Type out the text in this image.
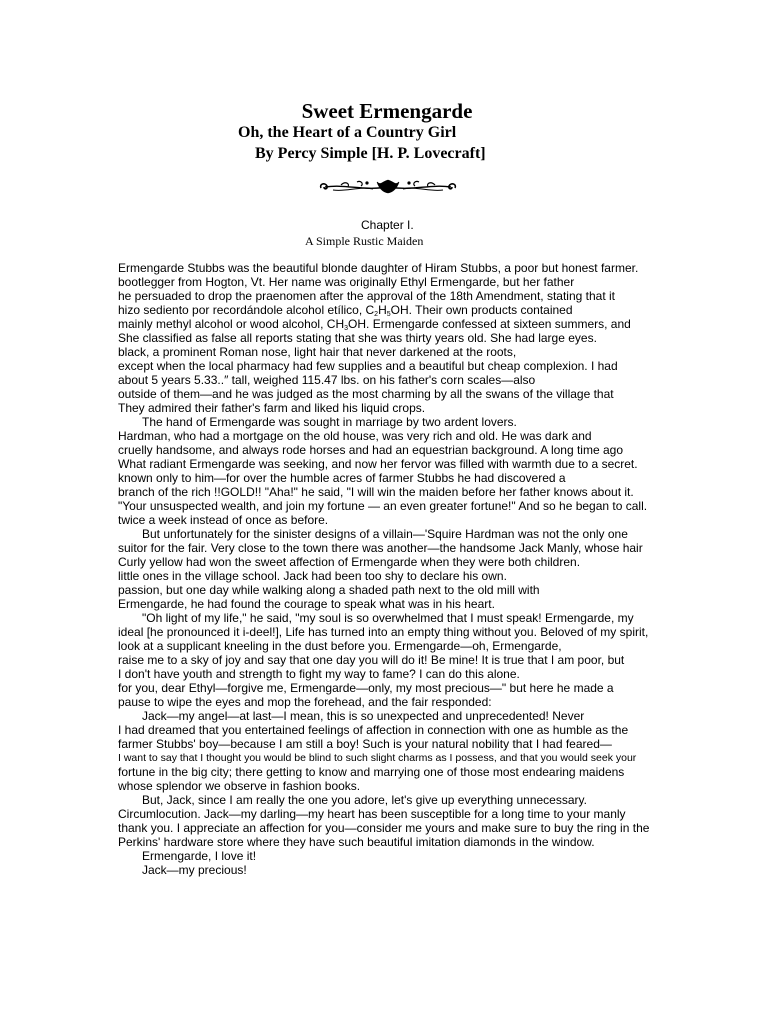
Sweet Ermengarde
Oh, the Heart of a Country Girl
By Percy Simple [H. P. Lovecraft]
Chapter I.
A Simple Rustic Maiden
Ermengarde Stubbs was the beautiful blonde daughter of Hiram Stubbs, a poor but honest farmer.
bootlegger from Hogton, Vt. Her name was originally Ethyl Ermengarde, but her father
he persuaded to drop the praenomen after the approval of the 18th Amendment, stating that it
hizo sediento por recordándole alcohol etílico, $C_2H_5OH$. Their own products contained
mainly methyl alcohol or wood alcohol, $CH_3OH$. Ermengarde confessed at sixteen summers, and
She classified as false all reports stating that she was thirty years old. She had large eyes.
black, a prominent Roman nose, light hair that never darkened at the roots,
except when the local pharmacy had few supplies and a beautiful but cheap complexion. I had
about 5 years 5.33..″ tall, weighed 115.47 lbs. on his father's corn scales—also
outside of them—and he was judged as the most charming by all the swans of the village that
They admired their father's farm and liked his liquid crops.
The hand of Ermengarde was sought in marriage by two ardent lovers.
Hardman, who had a mortgage on the old house, was very rich and old. He was dark and
cruelly handsome, and always rode horses and had an equestrian background. A long time ago
What radiant Ermengarde was seeking, and now her fervor was filled with warmth due to a secret.
known only to him—for over the humble acres of farmer Stubbs he had discovered a
branch of the rich !!GOLD!! "Aha!" he said, "I will win the maiden before her father knows about it.
"Your unsuspected wealth, and join my fortune — an even greater fortune!" And so he began to call.
twice a week instead of once as before.
But unfortunately for the sinister designs of a villain—'Squire Hardman was not the only one
suitor for the fair. Very close to the town there was another—the handsome Jack Manly, whose hair
Curly yellow had won the sweet affection of Ermengarde when they were both children.
little ones in the village school. Jack had been too shy to declare his own.
passion, but one day while walking along a shaded path next to the old mill with
Ermengarde, he had found the courage to speak what was in his heart.
"Oh light of my life," he said, "my soul is so overwhelmed that I must speak! Ermengarde, my
ideal [he pronounced it i-deel!], Life has turned into an empty thing without you. Beloved of my spirit,
look at a supplicant kneeling in the dust before you. Ermengarde—oh, Ermengarde,
raise me to a sky of joy and say that one day you will do it! Be mine! It is true that I am poor, but
I don't have youth and strength to fight my way to fame? I can do this alone.
for you, dear Ethyl—forgive me, Ermengarde—only, my most precious—" but here he made a
pause to wipe the eyes and mop the forehead, and the fair responded:
Jack—my angel—at last—I mean, this is so unexpected and unprecedented! Never
I had dreamed that you entertained feelings of affection in connection with one as humble as the
farmer Stubbs' boy—because I am still a boy! Such is your natural nobility that I had feared—
I want to say that I thought you would be blind to such slight charms as I possess, and that you would seek your
fortune in the big city; there getting to know and marrying one of those most endearing maidens
whose splendor we observe in fashion books.
But, Jack, since I am really the one you adore, let's give up everything unnecessary.
Circumlocution. Jack—my darling—my heart has been susceptible for a long time to your manly
thank you. I appreciate an affection for you—consider me yours and make sure to buy the ring in the
Perkins' hardware store where they have such beautiful imitation diamonds in the window.
Ermengarde, I love it!
Jack—my precious!
